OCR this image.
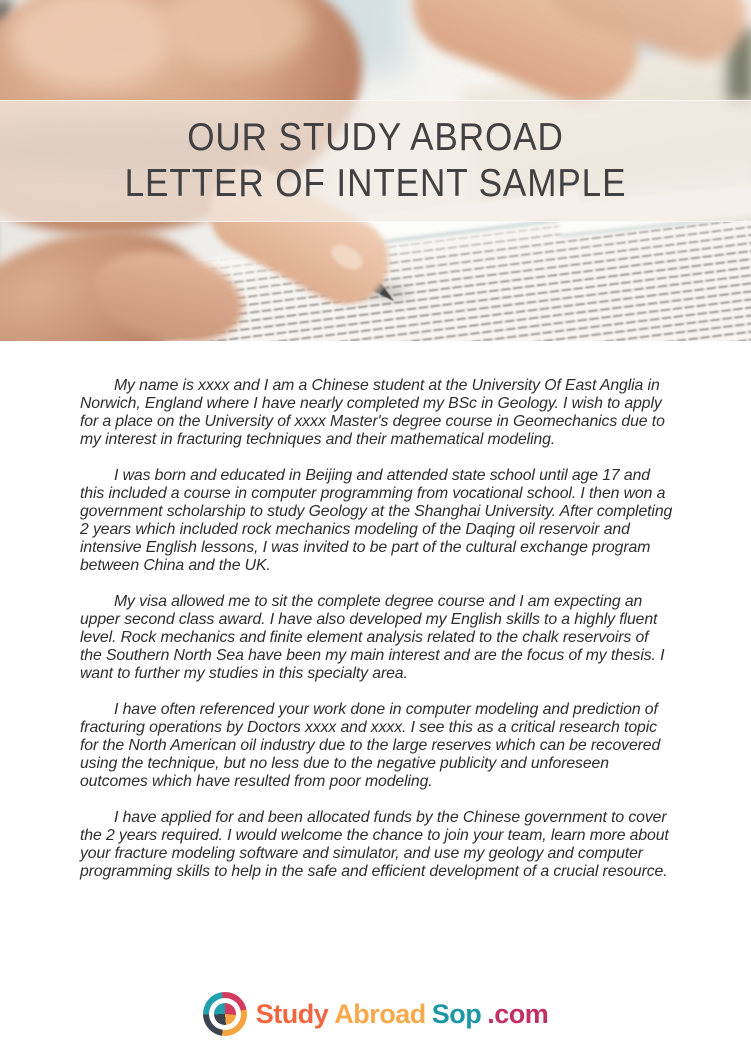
OUR STUDY ABROAD
LETTER OF INTENT SAMPLE

My name is xxxx and I am a Chinese student at the University Of East Anglia in Norwich, England where I have nearly completed my BSc in Geology. I wish to apply for a place on the University of xxxx Master's degree course in Geomechanics due to my interest in fracturing techniques and their mathematical modeling.

I was born and educated in Beijing and attended state school until age 17 and this included a course in computer programming from vocational school. I then won a government scholarship to study Geology at the Shanghai University. After completing 2 years which included rock mechanics modeling of the Daqing oil reservoir and intensive English lessons, I was invited to be part of the cultural exchange program between China and the UK.

My visa allowed me to sit the complete degree course and I am expecting an upper second class award. I have also developed my English skills to a highly fluent level. Rock mechanics and finite element analysis related to the chalk reservoirs of the Southern North Sea have been my main interest and are the focus of my thesis. I want to further my studies in this specialty area.

I have often referenced your work done in computer modeling and prediction of fracturing operations by Doctors xxxx and xxxx. I see this as a critical research topic for the North American oil industry due to the large reserves which can be recovered using the technique, but no less due to the negative publicity and unforeseen outcomes which have resulted from poor modeling.

I have applied for and been allocated funds by the Chinese government to cover the 2 years required. I would welcome the chance to join your team, learn more about your fracture modeling software and simulator, and use my geology and computer programming skills to help in the safe and efficient development of a crucial resource.

Study Abroad Sop .com
